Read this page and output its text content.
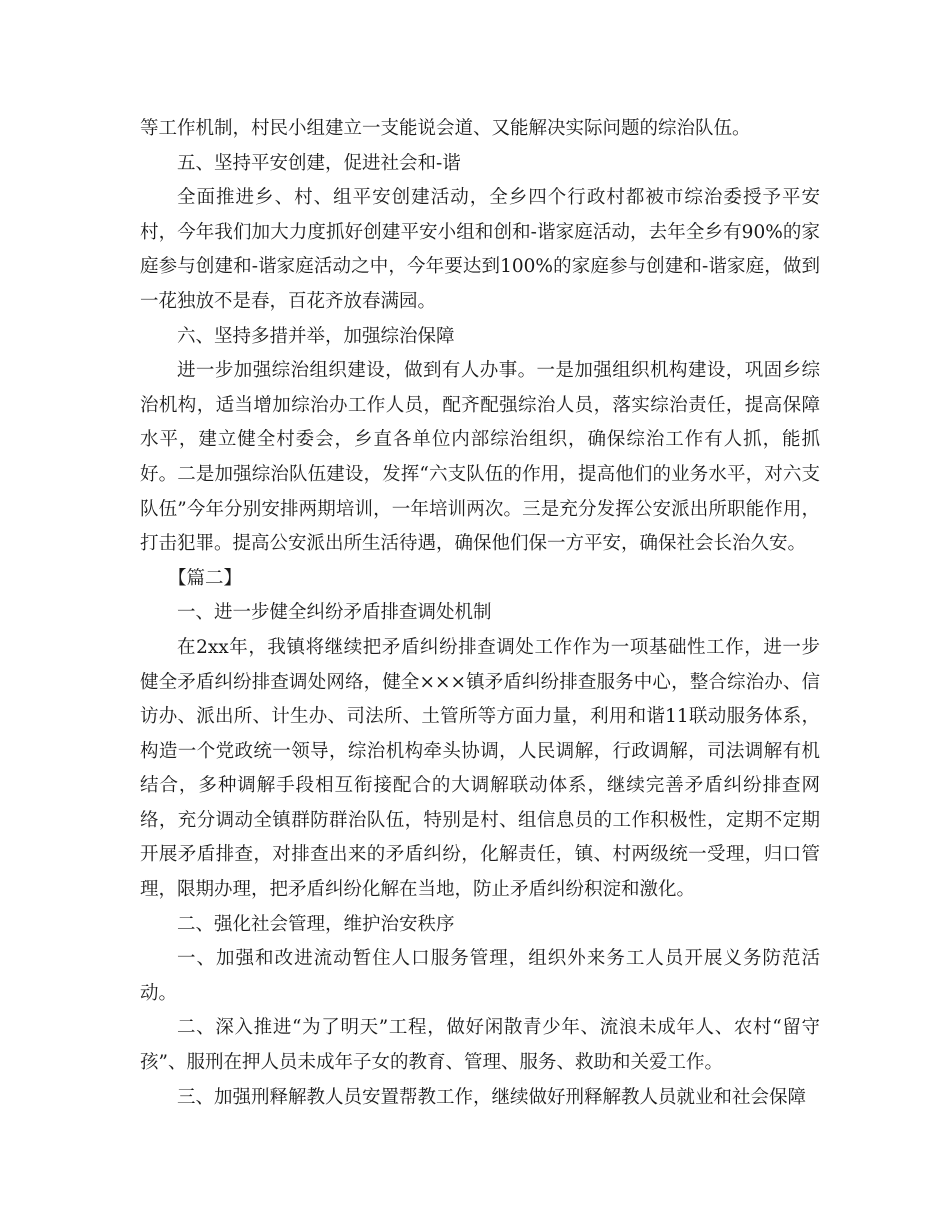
等工作机制，村民小组建立一支能说会道、又能解决实际问题的综治队伍。

五、坚持平安创建，促进社会和-谐

全面推进乡、村、组平安创建活动，全乡四个行政村都被市综治委授予平安村，今年我们加大力度抓好创建平安小组和创和-谐家庭活动，去年全乡有90%的家庭参与创建和-谐家庭活动之中，今年要达到100%的家庭参与创建和-谐家庭，做到一花独放不是春，百花齐放春满园。

六、坚持多措并举，加强综治保障

进一步加强综治组织建设，做到有人办事。一是加强组织机构建设，巩固乡综治机构，适当增加综治办工作人员，配齐配强综治人员，落实综治责任，提高保障水平，建立健全村委会，乡直各单位内部综治组织，确保综治工作有人抓，能抓好。二是加强综治队伍建设，发挥“六支队伍的作用，提高他们的业务水平，对六支队伍”今年分别安排两期培训，一年培训两次。三是充分发挥公安派出所职能作用，打击犯罪。提高公安派出所生活待遇，确保他们保一方平安，确保社会长治久安。

【篇二】

一、进一步健全纠纷矛盾排查调处机制

在2xx年，我镇将继续把矛盾纠纷排查调处工作作为一项基础性工作，进一步健全矛盾纠纷排查调处网络，健全×××镇矛盾纠纷排查服务中心，整合综治办、信访办、派出所、计生办、司法所、土管所等方面力量，利用和谐11联动服务体系，构造一个党政统一领导，综治机构牵头协调，人民调解，行政调解，司法调解有机结合，多种调解手段相互衔接配合的大调解联动体系，继续完善矛盾纠纷排查网络，充分调动全镇群防群治队伍，特别是村、组信息员的工作积极性，定期不定期开展矛盾排查，对排查出来的矛盾纠纷，化解责任，镇、村两级统一受理，归口管理，限期办理，把矛盾纠纷化解在当地，防止矛盾纠纷积淀和激化。

二、强化社会管理，维护治安秩序

一、加强和改进流动暂住人口服务管理，组织外来务工人员开展义务防范活动。

二、深入推进“为了明天”工程，做好闲散青少年、流浪未成年人、农村“留守孩”、服刑在押人员未成年子女的教育、管理、服务、救助和关爱工作。

三、加强刑释解教人员安置帮教工作，继续做好刑释解教人员就业和社会保障
